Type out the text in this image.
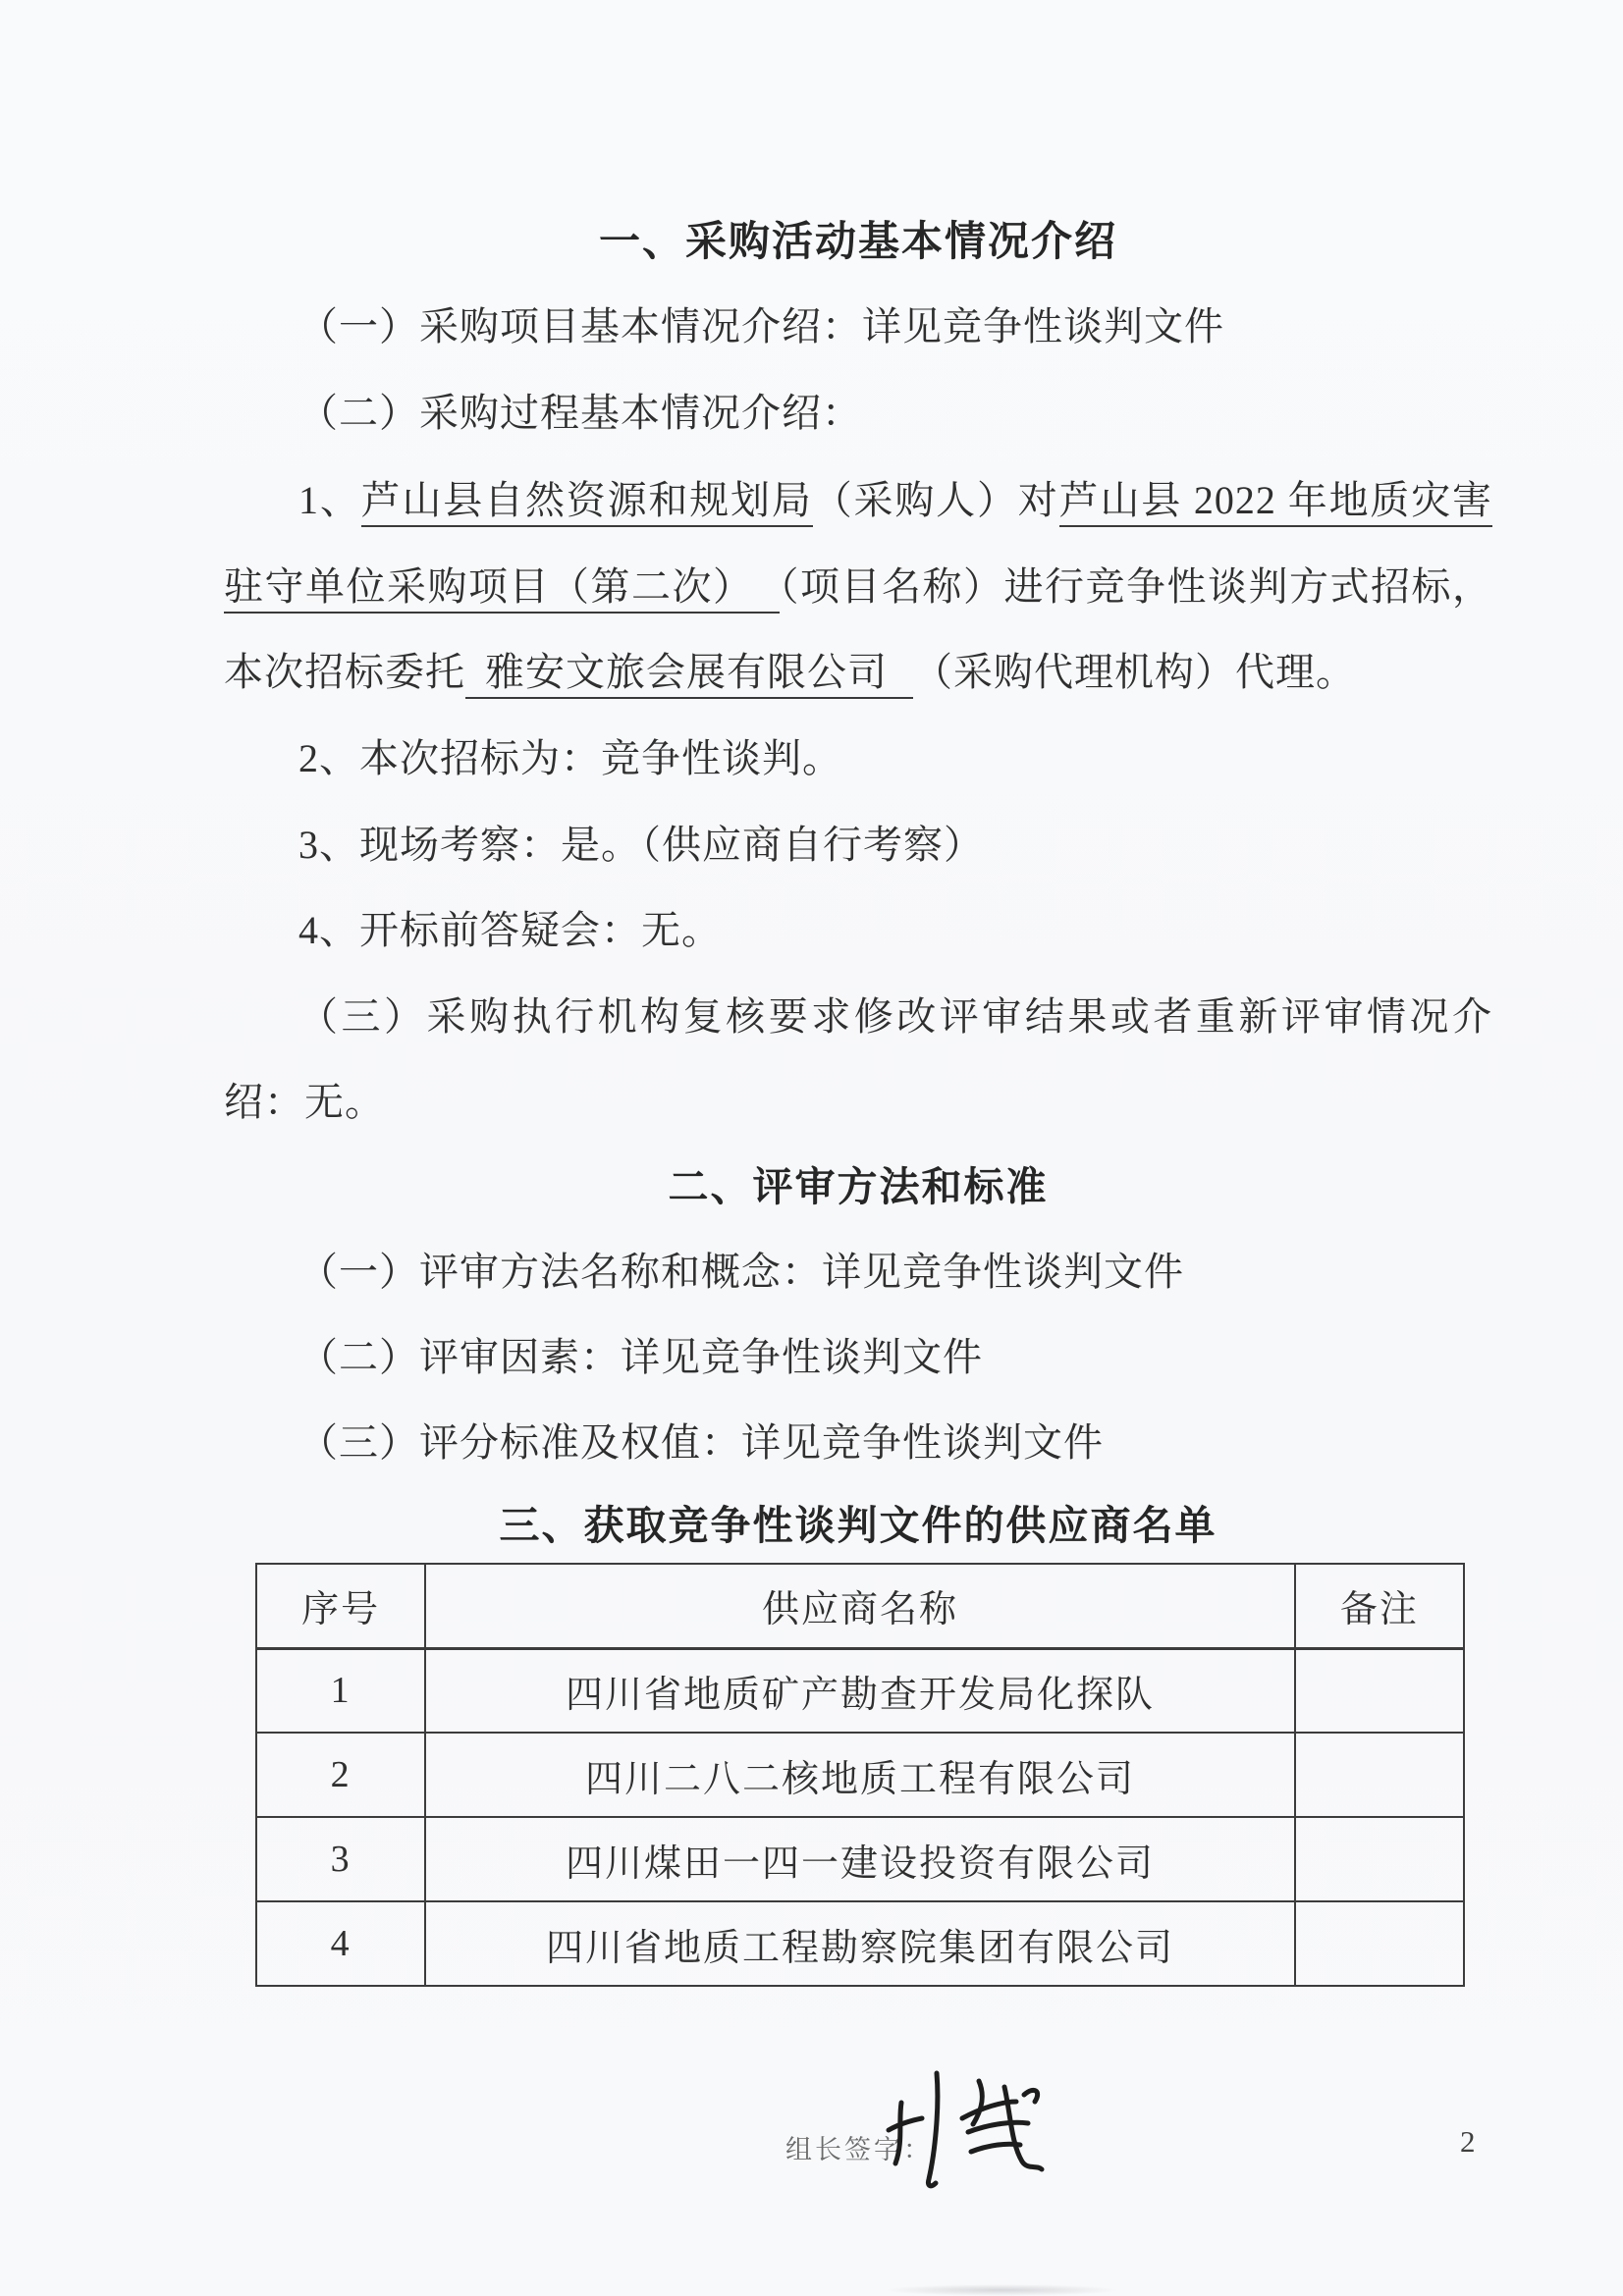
一、采购活动基本情况介绍
（一）采购项目基本情况介绍：详见竞争性谈判文件
（二）采购过程基本情况介绍：
1、芦山县自然资源和规划局（采购人）对芦山县 2022 年地质灾害
驻守单位采购项目（第二次） （项目名称）进行竞争性谈判方式招标，
本次招标委托 雅安文旅会展有限公司 （采购代理机构）代理。
2、本次招标为：竞争性谈判。
3、现场考察：是。（供应商自行考察）
4、开标前答疑会：无。
（三）采购执行机构复核要求修改评审结果或者重新评审情况介
绍：无。
二、评审方法和标准
（一）评审方法名称和概念：详见竞争性谈判文件
（二）评审因素：详见竞争性谈判文件
（三）评分标准及权值：详见竞争性谈判文件
三、获取竞争性谈判文件的供应商名单
序号	供应商名称	备注
1	四川省地质矿产勘查开发局化探队	
2	四川二八二核地质工程有限公司	
3	四川煤田一四一建设投资有限公司	
4	四川省地质工程勘察院集团有限公司	
组长签字：	2
